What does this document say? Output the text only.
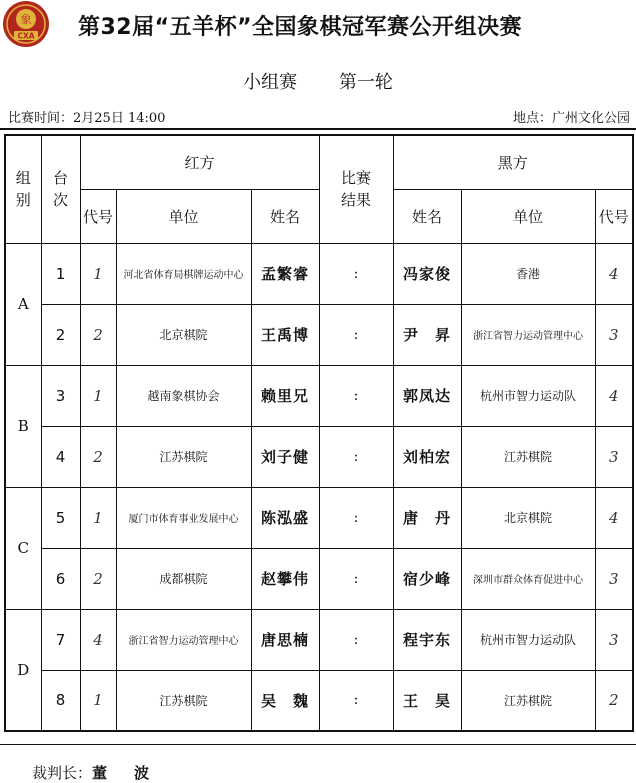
象
CXA 第32届“五羊杯”全国象棋冠军赛公开组决赛
小组赛 第一轮
比赛时间：2月25日 14:00	地点：广州文化公园
组别	台次	红方			比赛结果	黑方		
		代号	单位	姓名		姓名	单位	代号
A	1	1	河北省体育局棋牌运动中心	孟繁睿	:	冯家俊	香港	4
	2	2	北京棋院	王禹博	:	尹　昇	浙江省智力运动管理中心	3
B	3	1	越南象棋协会	赖里兄	:	郭凤达	杭州市智力运动队	4
	4	2	江苏棋院	刘子健	:	刘柏宏	江苏棋院	3
C	5	1	厦门市体育事业发展中心	陈泓盛	:	唐　丹	北京棋院	4
	6	2	成都棋院	赵攀伟	:	宿少峰	深圳市群众体育促进中心	3
D	7	4	浙江省智力运动管理中心	唐思楠	:	程宇东	杭州市智力运动队	3
	8	1	江苏棋院	吴　魏	:	王　昊	江苏棋院	2
裁判长：董　波
